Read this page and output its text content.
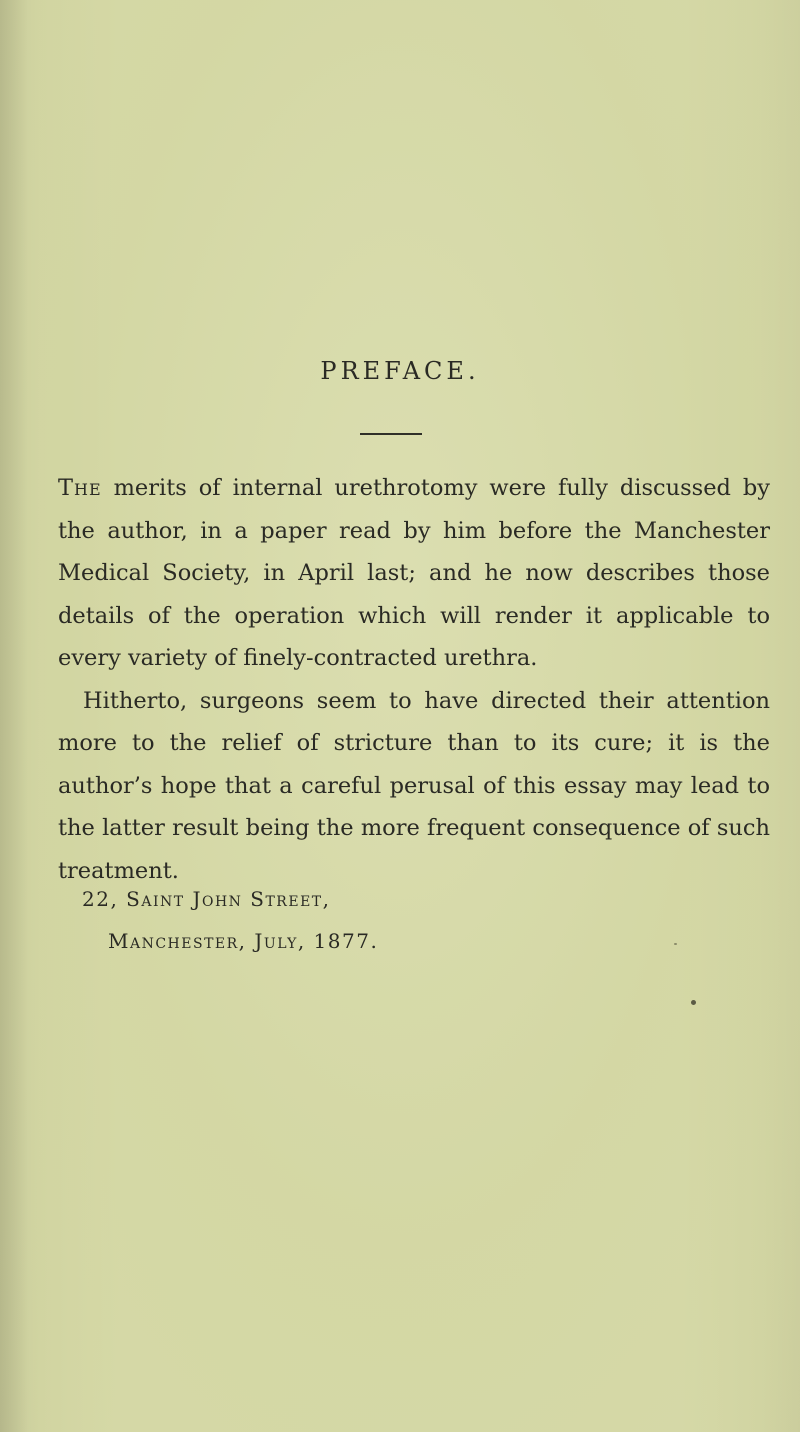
PREFACE.

The merits of internal urethrotomy were fully discussed by the author, in a paper read by him before the Manchester Medical Society, in April last; and he now describes those details of the operation which will render it applicable to every variety of finely-contracted urethra.

Hitherto, surgeons seem to have directed their attention more to the relief of stricture than to its cure; it is the author’s hope that a careful perusal of this essay may lead to the latter result being the more frequent consequence of such treatment.

22, Saint John Street,
Manchester, July, 1877.
